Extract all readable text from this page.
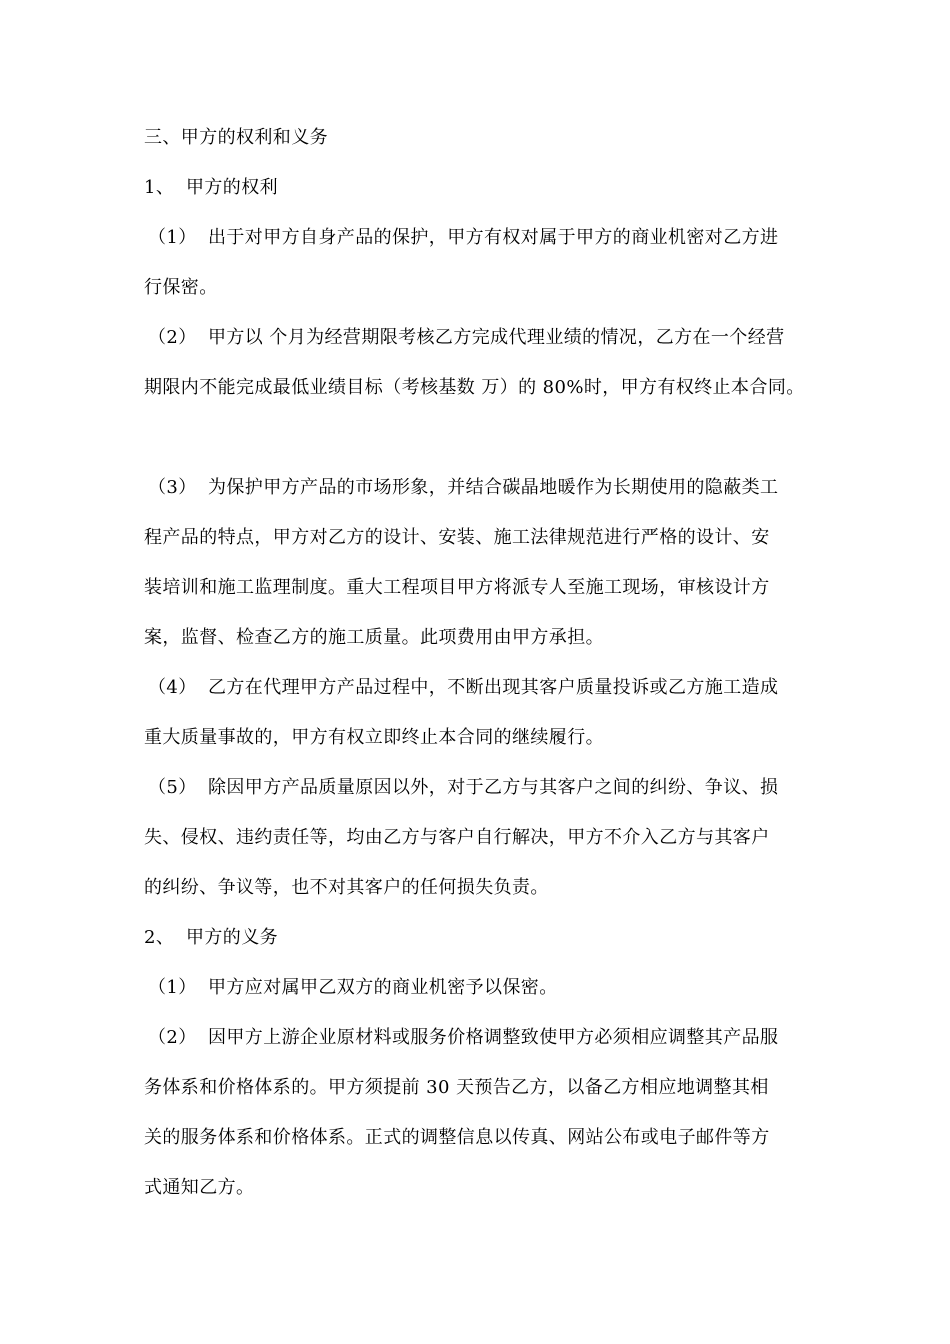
三、甲方的权利和义务
1、 甲方的权利
（1） 出于对甲方自身产品的保护，甲方有权对属于甲方的商业机密对乙方进
行保密。
（2） 甲方以 个月为经营期限考核乙方完成代理业绩的情况，乙方在一个经营
期限内不能完成最低业绩目标（考核基数 万）的 80%时，甲方有权终止本合同。
（3） 为保护甲方产品的市场形象，并结合碳晶地暖作为长期使用的隐蔽类工
程产品的特点，甲方对乙方的设计、安装、施工法律规范进行严格的设计、安
装培训和施工监理制度。重大工程项目甲方将派专人至施工现场，审核设计方
案，监督、检查乙方的施工质量。此项费用由甲方承担。
（4） 乙方在代理甲方产品过程中，不断出现其客户质量投诉或乙方施工造成
重大质量事故的，甲方有权立即终止本合同的继续履行。
（5） 除因甲方产品质量原因以外，对于乙方与其客户之间的纠纷、争议、损
失、侵权、违约责任等，均由乙方与客户自行解决，甲方不介入乙方与其客户
的纠纷、争议等，也不对其客户的任何损失负责。
2、 甲方的义务
（1） 甲方应对属甲乙双方的商业机密予以保密。
（2） 因甲方上游企业原材料或服务价格调整致使甲方必须相应调整其产品服
务体系和价格体系的。甲方须提前 30 天预告乙方，以备乙方相应地调整其相
关的服务体系和价格体系。正式的调整信息以传真、网站公布或电子邮件等方
式通知乙方。
